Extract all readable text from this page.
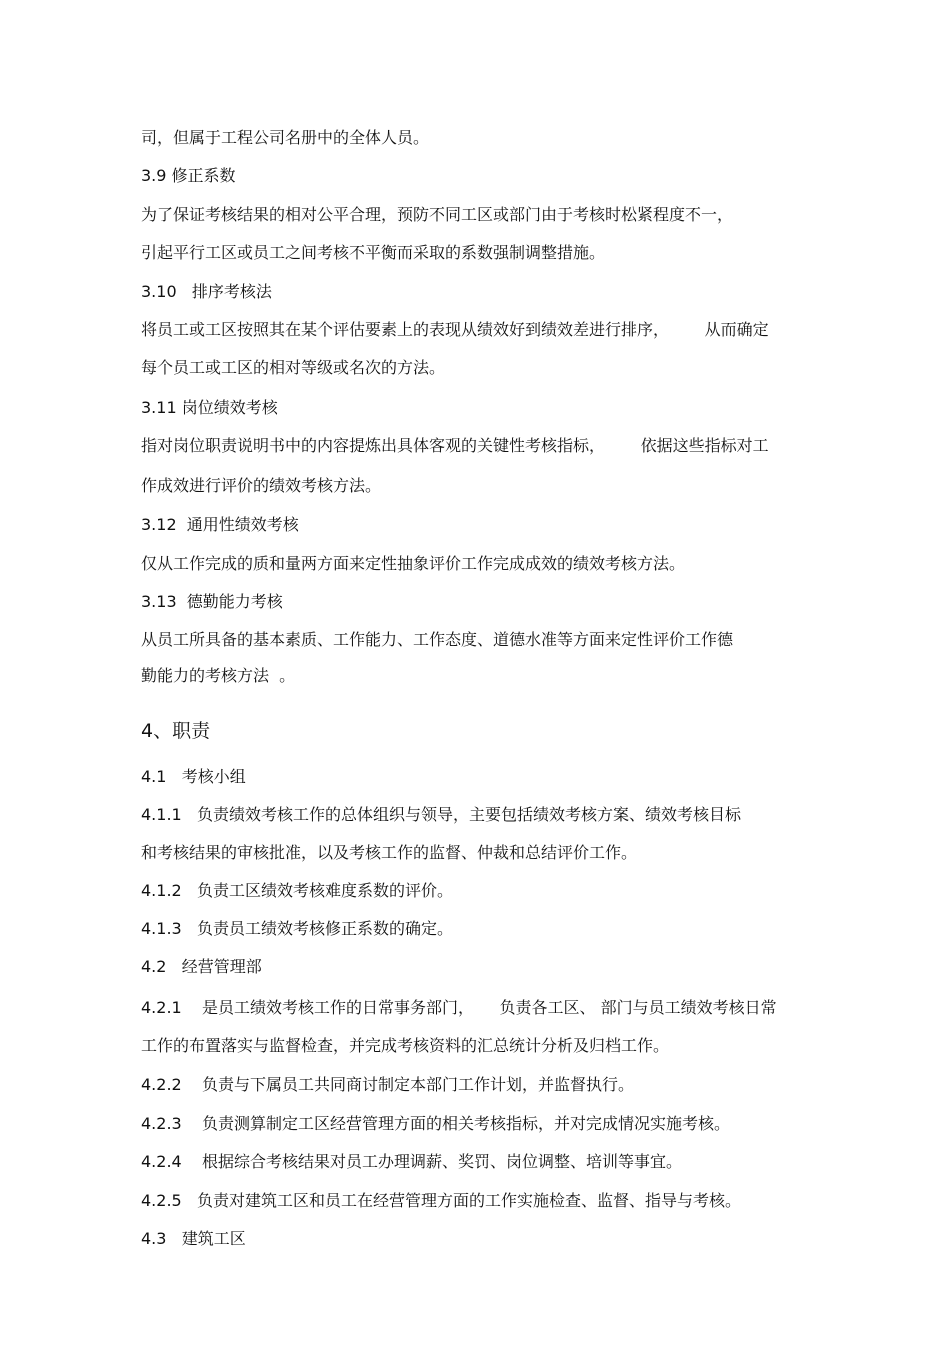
司，但属于工程公司名册中的全体人员。
3.9 修正系数
为了保证考核结果的相对公平合理，预防不同工区或部门由于考核时松紧程度不一，
引起平行工区或员工之间考核不平衡而采取的系数强制调整措施。
3.10   排序考核法
将员工或工区按照其在某个评估要素上的表现从绩效好到绩效差进行排序，       从而确定
每个员工或工区的相对等级或名次的方法。
3.11 岗位绩效考核
指对岗位职责说明书中的内容提炼出具体客观的关键性考核指标，       依据这些指标对工
作成效进行评价的绩效考核方法。
3.12  通用性绩效考核
仅从工作完成的质和量两方面来定性抽象评价工作完成成效的绩效考核方法。
3.13  德勤能力考核
从员工所具备的基本素质、工作能力、工作态度、道德水准等方面来定性评价工作德
勤能力的考核方法  。
4、职责
4.1   考核小组
4.1.1   负责绩效考核工作的总体组织与领导，主要包括绩效考核方案、绩效考核目标
和考核结果的审核批准，以及考核工作的监督、仲裁和总结评价工作。
4.1.2   负责工区绩效考核难度系数的评价。
4.1.3   负责员工绩效考核修正系数的确定。
4.2   经营管理部
4.2.1    是员工绩效考核工作的日常事务部门，     负责各工区、 部门与员工绩效考核日常
工作的布置落实与监督检查，并完成考核资料的汇总统计分析及归档工作。
4.2.2    负责与下属员工共同商讨制定本部门工作计划，并监督执行。
4.2.3    负责测算制定工区经营管理方面的相关考核指标，并对完成情况实施考核。
4.2.4    根据综合考核结果对员工办理调薪、奖罚、岗位调整、培训等事宜。
4.2.5   负责对建筑工区和员工在经营管理方面的工作实施检查、监督、指导与考核。
4.3   建筑工区
